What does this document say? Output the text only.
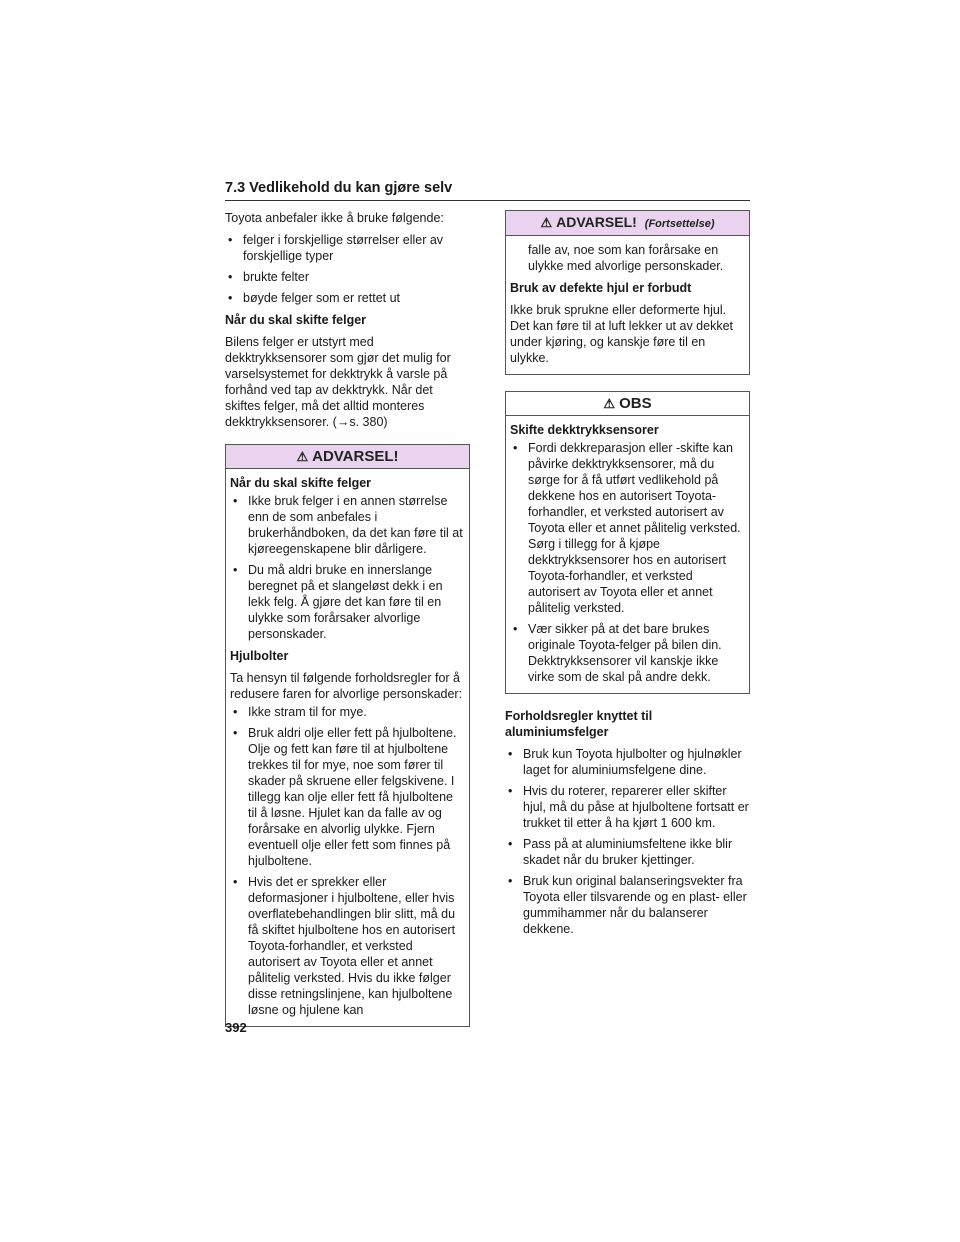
7.3 Vedlikehold du kan gjøre selv

Toyota anbefaler ikke å bruke følgende:

• felger i forskjellige størrelser eller av forskjellige typer
• brukte felter
• bøyde felger som er rettet ut

Når du skal skifte felger

Bilens felger er utstyrt med dekktrykksensorer som gjør det mulig for varselsystemet for dekktrykk å varsle på forhånd ved tap av dekktrykk. Når det skiftes felger, må det alltid monteres dekktrykksensorer. (→s. 380)

⚠ ADVARSEL!

Når du skal skifte felger

• Ikke bruk felger i en annen størrelse enn de som anbefales i brukerhåndboken, da det kan føre til at kjøreegenskapene blir dårligere.
• Du må aldri bruke en innerslange beregnet på et slangeløst dekk i en lekk felg. Å gjøre det kan føre til en ulykke som forårsaker alvorlige personskader.

Hjulbolter

Ta hensyn til følgende forholdsregler for å redusere faren for alvorlige personskader:

• Ikke stram til for mye.
• Bruk aldri olje eller fett på hjulboltene. Olje og fett kan føre til at hjulboltene trekkes til for mye, noe som fører til skader på skruene eller felgskivene. I tillegg kan olje eller fett få hjulboltene til å løsne. Hjulet kan da falle av og forårsake en alvorlig ulykke. Fjern eventuell olje eller fett som finnes på hjulboltene.
• Hvis det er sprekker eller deformasjoner i hjulboltene, eller hvis overflatebehandlingen blir slitt, må du få skiftet hjulboltene hos en autorisert Toyota-forhandler, et verksted autorisert av Toyota eller et annet pålitelig verksted. Hvis du ikke følger disse retningslinjene, kan hjulboltene løsne og hjulene kan
⚠ ADVARSEL! (Fortsettelse)

falle av, noe som kan forårsake en ulykke med alvorlige personskader.

Bruk av defekte hjul er forbudt

Ikke bruk sprukne eller deformerte hjul. Det kan føre til at luft lekker ut av dekket under kjøring, og kanskje føre til en ulykke.

⚠ OBS

Skifte dekktrykksensorer

• Fordi dekkreparasjon eller -skifte kan påvirke dekktrykksensorer, må du sørge for å få utført vedlikehold på dekkene hos en autorisert Toyota-forhandler, et verksted autorisert av Toyota eller et annet pålitelig verksted. Sørg i tillegg for å kjøpe dekktrykksensorer hos en autorisert Toyota-forhandler, et verksted autorisert av Toyota eller et annet pålitelig verksted.
• Vær sikker på at det bare brukes originale Toyota-felger på bilen din. Dekktrykksensorer vil kanskje ikke virke som de skal på andre dekk.

Forholdsregler knyttet til aluminiumsfelger

• Bruk kun Toyota hjulbolter og hjulnøkler laget for aluminiumsfelgene dine.
• Hvis du roterer, reparerer eller skifter hjul, må du påse at hjulboltene fortsatt er trukket til etter å ha kjørt 1 600 km.
• Pass på at aluminiumsfeltene ikke blir skadet når du bruker kjettinger.
• Bruk kun original balanseringsvekter fra Toyota eller tilsvarende og en plast- eller gummihammer når du balanserer dekkene.
392
